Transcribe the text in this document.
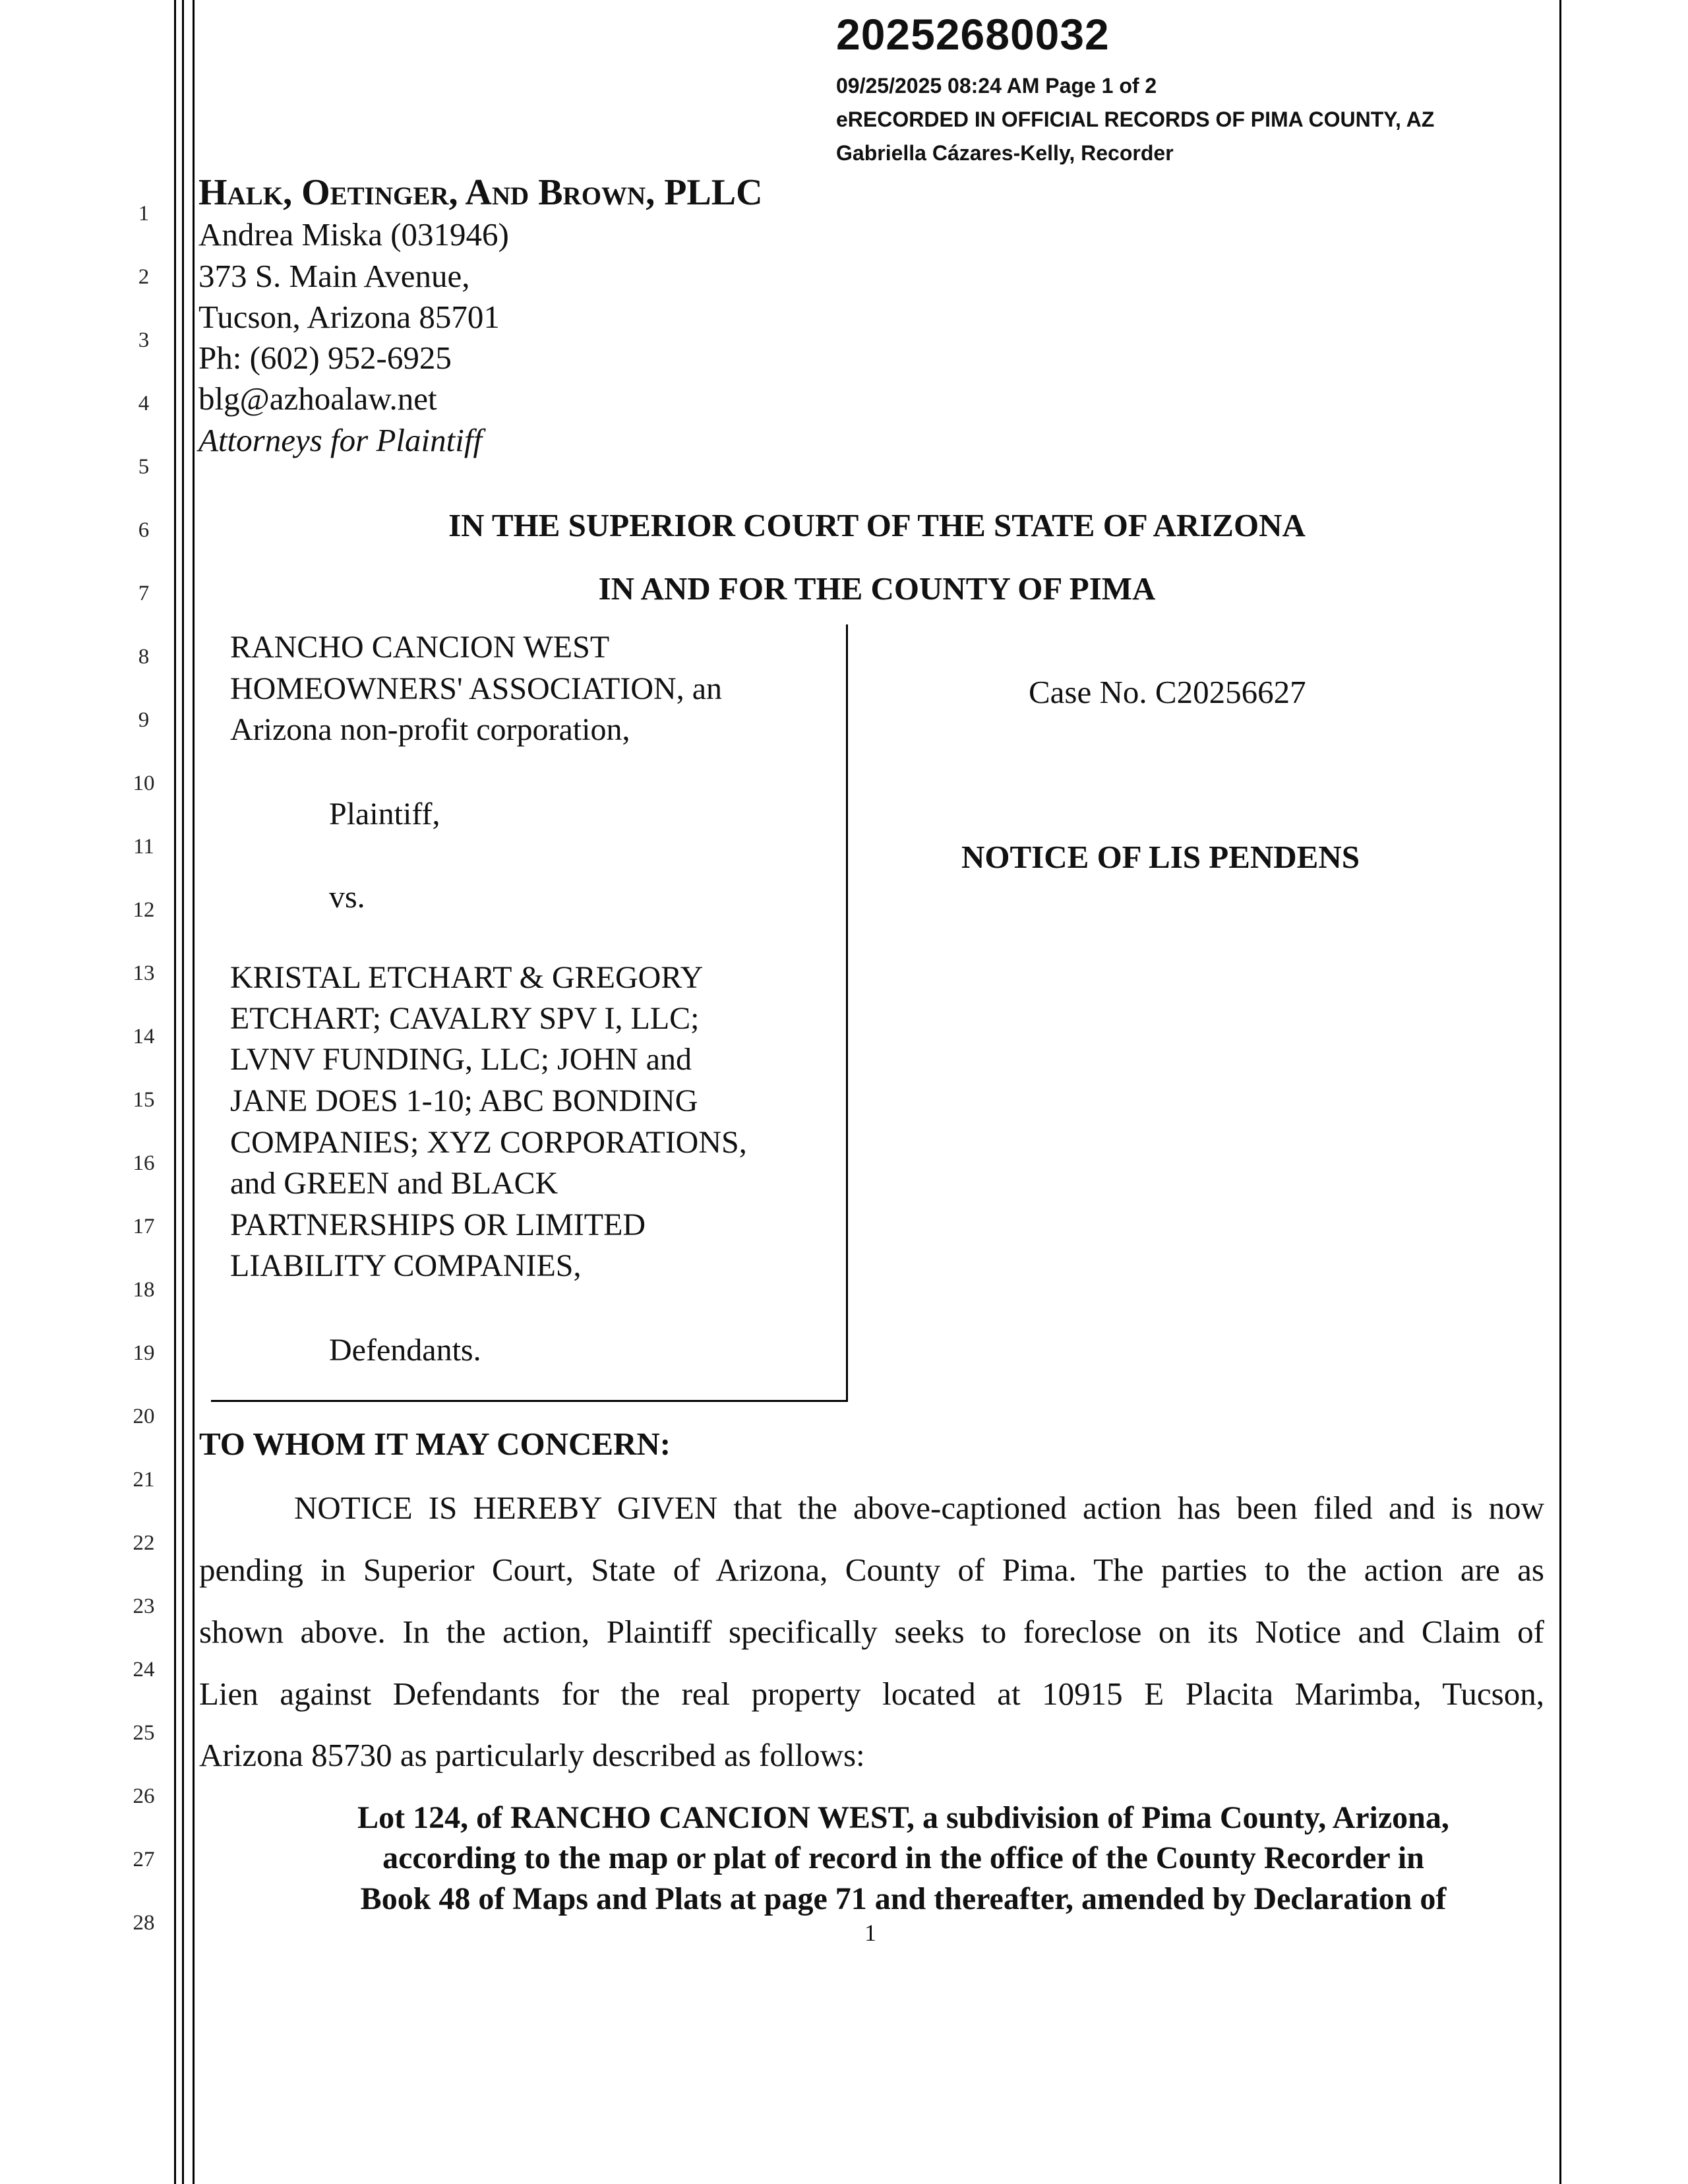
1
2
3
4
5
6
7
8
9
10
11
12
13
14
15
16
17
18
19
20
21
22
23
24
25
26
27
28
20252680032
09/25/2025 08:24 AM Page 1 of 2
eRECORDED IN OFFICIAL RECORDS OF PIMA COUNTY, AZ
Gabriella Cázares-Kelly, Recorder
Halk, Oetinger, And Brown, PLLC
Andrea Miska (031946)
373 S. Main Avenue,
Tucson, Arizona 85701
Ph: (602) 952-6925
blg@azhoalaw.net
Attorneys for Plaintiff
IN THE SUPERIOR COURT OF THE STATE OF ARIZONA
IN AND FOR THE COUNTY OF PIMA
RANCHO CANCION WEST
HOMEOWNERS' ASSOCIATION, an
Arizona non-profit corporation,
Plaintiff,
vs.
KRISTAL ETCHART & GREGORY
ETCHART; CAVALRY SPV I, LLC;
LVNV FUNDING, LLC; JOHN and
JANE DOES 1-10; ABC BONDING
COMPANIES; XYZ CORPORATIONS,
and GREEN and BLACK
PARTNERSHIPS OR LIMITED
LIABILITY COMPANIES,
Defendants.
Case No. C20256627
NOTICE OF LIS PENDENS
TO WHOM IT MAY CONCERN:
NOTICE IS HEREBY GIVEN that the above-captioned action has been filed and is now
pending in Superior Court, State of Arizona, County of Pima. The parties to the action are as
shown above. In the action, Plaintiff specifically seeks to foreclose on its Notice and Claim of
Lien against Defendants for the real property located at 10915 E Placita Marimba, Tucson,
Arizona 85730 as particularly described as follows:
Lot 124, of RANCHO CANCION WEST, a subdivision of Pima County, Arizona,
according to the map or plat of record in the office of the County Recorder in
Book 48 of Maps and Plats at page 71 and thereafter, amended by Declaration of
1
